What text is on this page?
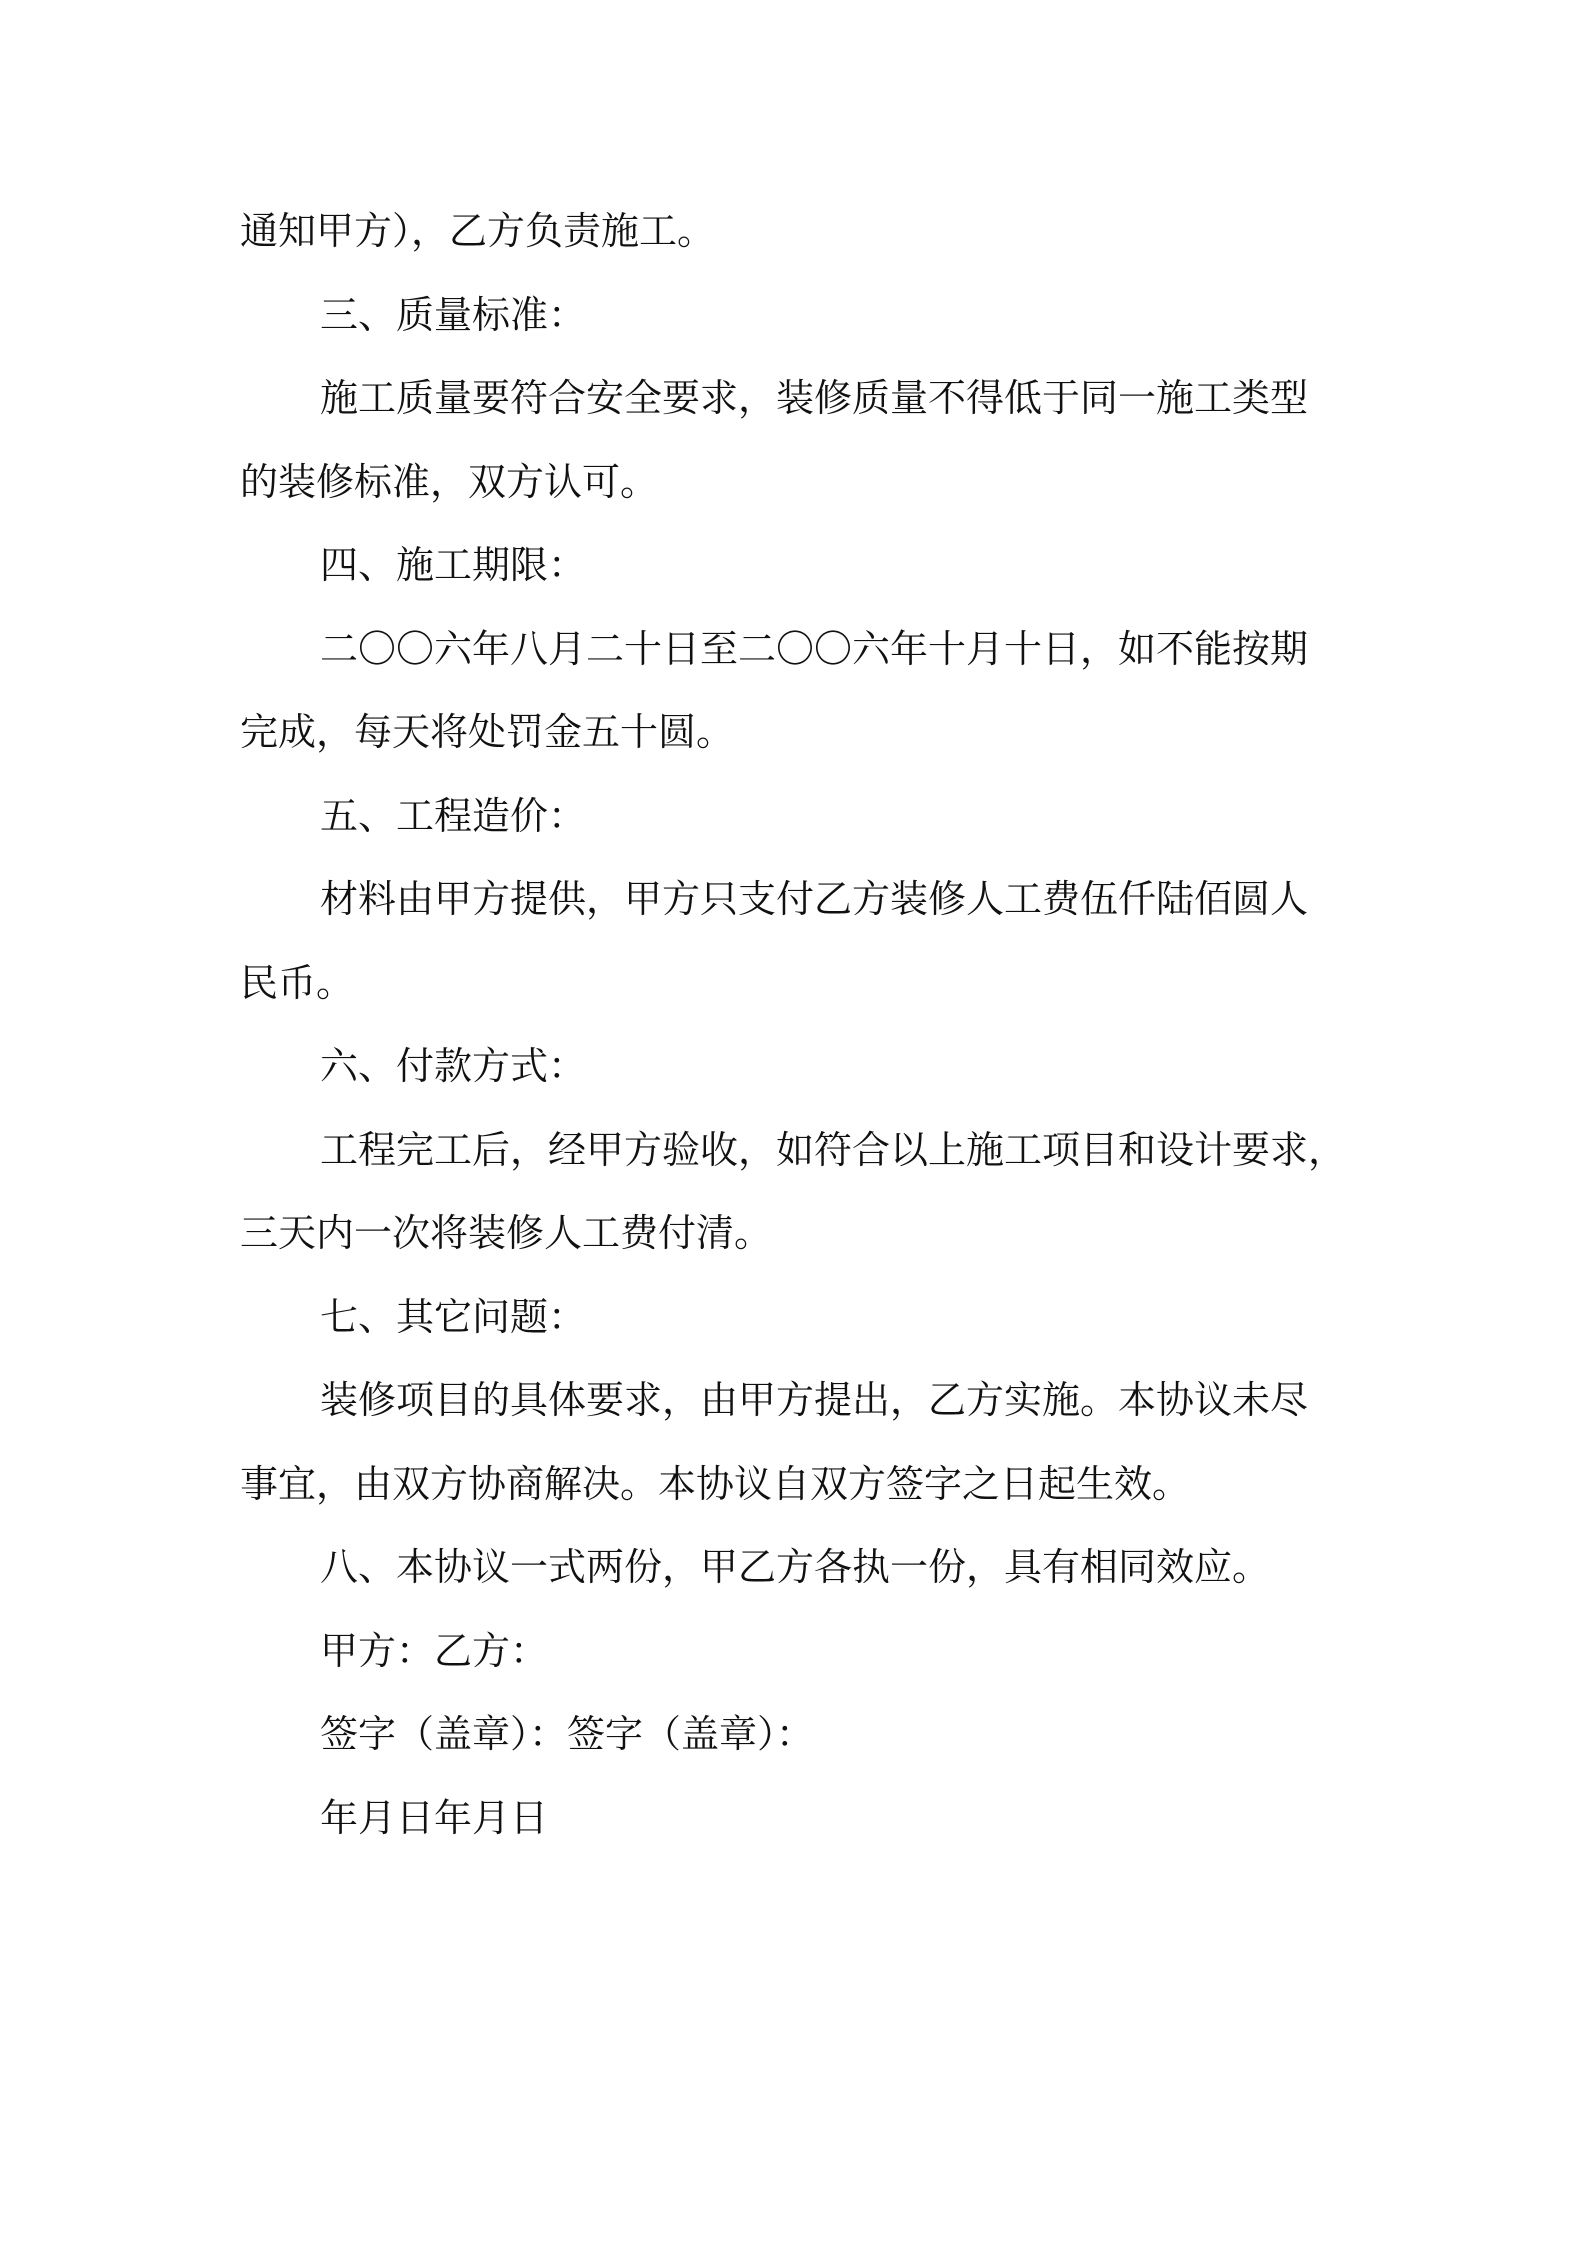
通知甲方），乙方负责施工。
三、质量标准：
施工质量要符合安全要求，装修质量不得低于同一施工类型
的装修标准，双方认可。
四、施工期限：
二〇〇六年八月二十日至二〇〇六年十月十日，如不能按期
完成，每天将处罚金五十圆。
五、工程造价：
材料由甲方提供，甲方只支付乙方装修人工费伍仟陆佰圆人
民币。
六、付款方式：
工程完工后，经甲方验收，如符合以上施工项目和设计要求，
三天内一次将装修人工费付清。
七、其它问题：
装修项目的具体要求，由甲方提出，乙方实施。本协议未尽
事宜，由双方协商解决。本协议自双方签字之日起生效。
八、本协议一式两份，甲乙方各执一份，具有相同效应。
甲方：乙方：
签字（盖章）：签字（盖章）：
年月日年月日
